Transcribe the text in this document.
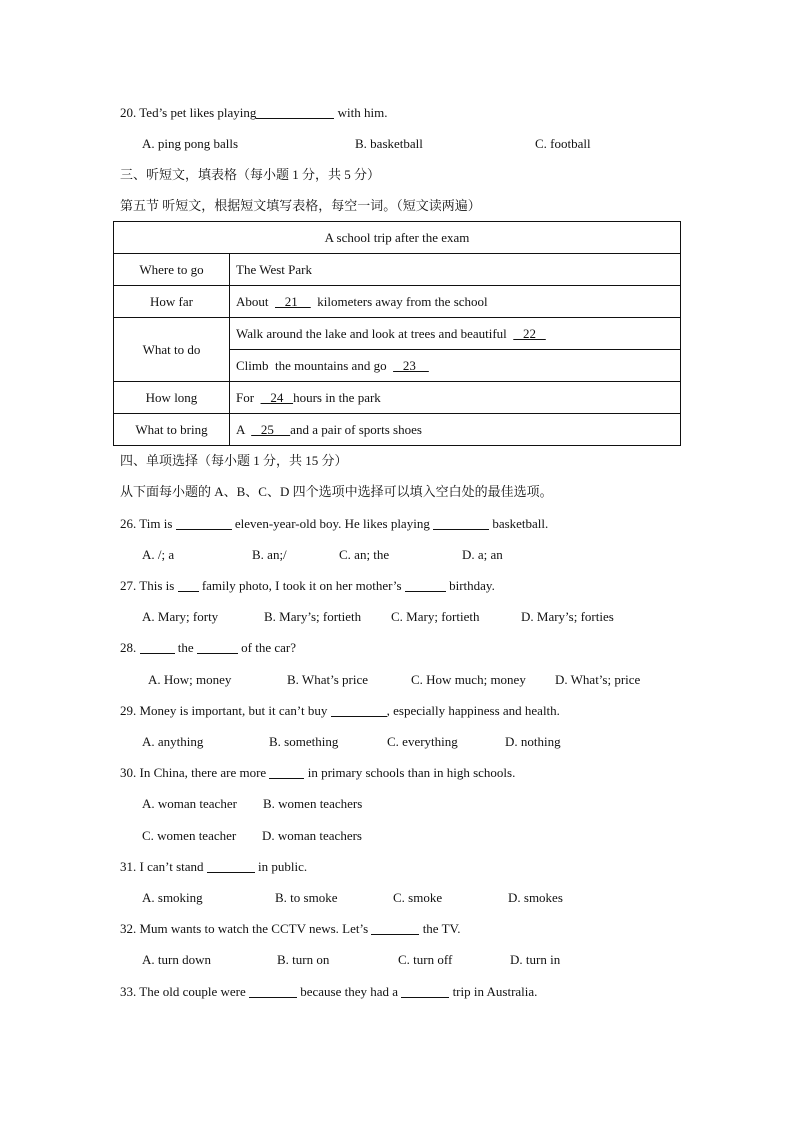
20. Ted’s pet likes playing	with him.
A. ping pong balls	B. basketball	C. football
三、听短文，填表格（每小题 1 分，共 5 分）
第五节 听短文，根据短文填写表格，每空一词。（短文读两遍）
A school trip after the exam	
Where to go	The West Park
How far	About     21      kilometers away from the school
What to do	Walk around the lake and look at trees and beautiful     22
	Climb  the mountains and go     23
How long	For     24   hours in the park
What to bring	A     25     and a pair of sports shoes
四、单项选择（每小题 1 分，共 15 分）
从下面每小题的 A、B、C、D 四个选项中选择可以填入空白处的最佳选项。
26. Tim is	eleven-year-old boy. He likes playing	basketball.
A. /; a	B. an;/	C. an; the	D. a; an
27. This is  family photo, I took it on her mother’s	birthday.
A. Mary; forty	B. Mary’s; fortieth C. Mary; fortieth	D. Mary’s; forties
28.	the	of the car?
A. How; money	B. What’s price	C. How much; money D. What’s; price
29. Money is important, but it can’t buy	, especially happiness and health.
A. anything	B. something	C. everything	D. nothing
30. In China, there are more	in primary schools than in high schools.
A. woman teacher B. women teachers
C. women teacher D. woman teachers
31. I can’t stand	in public.
A. smoking	B. to smoke	C. smoke	D. smokes
32. Mum wants to watch the CCTV news. Let’s	the TV.
A. turn down	B. turn on	C. turn off	D. turn in
33. The old couple were	because they had a	trip in Australia.
